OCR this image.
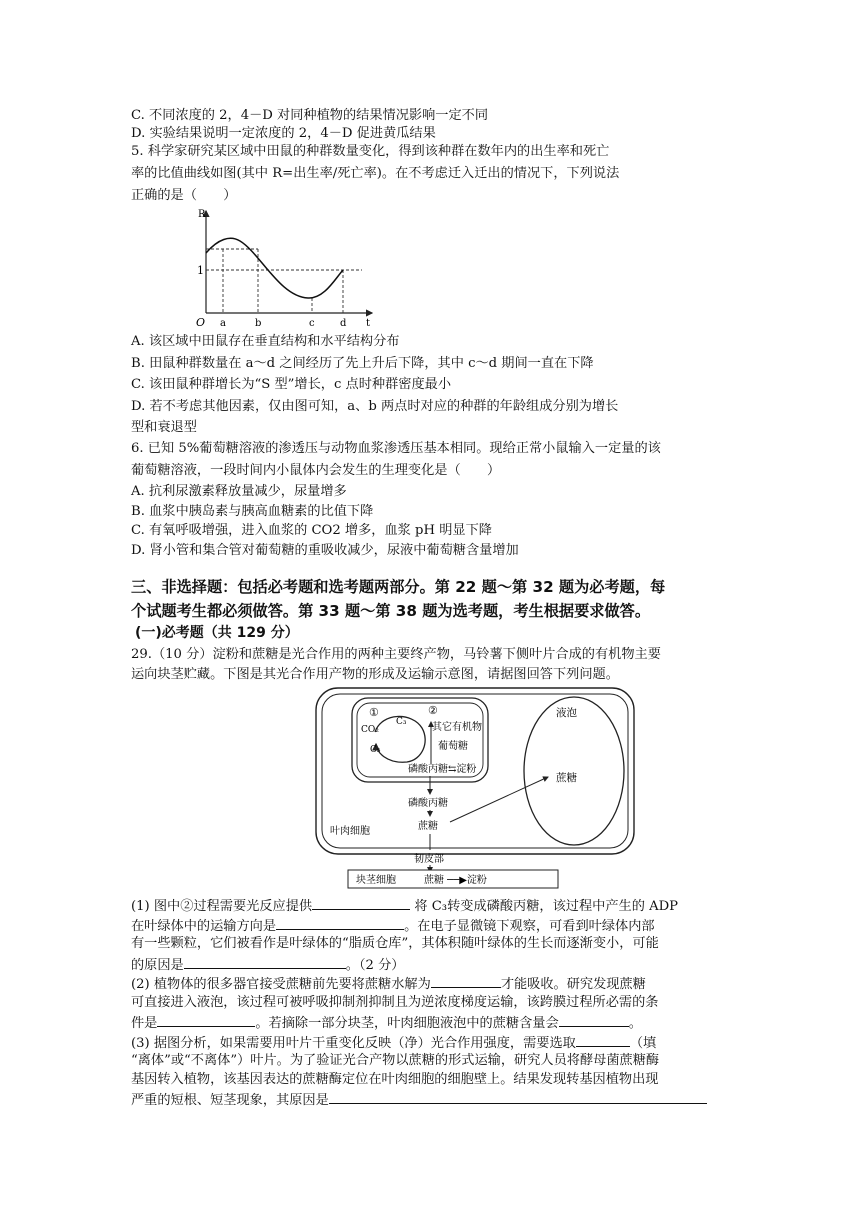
C. 不同浓度的 2，4－D 对同种植物的结果情况影响一定不同
D. 实验结果说明一定浓度的 2，4－D 促进黄瓜结果
5. 科学家研究某区域中田鼠的种群数量变化，得到该种群在数年内的出生率和死亡
率的比值曲线如图(其中 R=出生率/死亡率)。在不考虑迁入迁出的情况下，下列说法
正确的是（　　）
R
1
O a	b	c	d t
A. 该区域中田鼠存在垂直结构和水平结构分布
B. 田鼠种群数量在 a～d 之间经历了先上升后下降，其中 c～d 期间一直在下降
C. 该田鼠种群增长为“S 型”增长，c 点时种群密度最小
D. 若不考虑其他因素，仅由图可知，a、b 两点时对应的种群的年龄组成分别为增长
型和衰退型
6. 已知 5%葡萄糖溶液的渗透压与动物血浆渗透压基本相同。现给正常小鼠输入一定量的该
葡萄糖溶液，一段时间内小鼠体内会发生的生理变化是（　　）
A. 抗利尿激素释放量减少，尿量增多
B. 血浆中胰岛素与胰高血糖素的比值下降
C. 有氧呼吸增强，进入血浆的 CO2 增多，血浆 pH 明显下降
D. 肾小管和集合管对葡萄糖的重吸收减少，尿液中葡萄糖含量增加
三、非选择题：包括必考题和选考题两部分。第 22 题～第 32 题为必考题，每
个试题考生都必须做答。第 33 题～第 38 题为选考题，考生根据要求做答。
(一)必考题（共 129 分）
29.（10 分）淀粉和蔗糖是光合作用的两种主要终产物，马铃薯下侧叶片合成的有机物主要
运向块茎贮藏。下图是其光合作用产物的形成及运输示意图，请据图回答下列问题。
液泡
蔗糖
①
CO₂
C₃
C₅
②
其它有机物
葡萄糖
磷酸丙糖⇆淀粉
磷酸丙糖
蔗糖
叶肉细胞
韧皮部
块茎细胞	蔗糖 ──▶淀粉
(1) 图中②过程需要光反应提供	将 C₃转变成磷酸丙糖，该过程中产生的 ADP
在叶绿体中的运输方向是	。在电子显微镜下观察，可看到叶绿体内部
有一些颗粒，它们被看作是叶绿体的“脂质仓库”，其体积随叶绿体的生长而逐渐变小，可能
的原因是	。（2 分）
(2) 植物体的很多器官接受蔗糖前先要将蔗糖水解为	才能吸收。研究发现蔗糖
可直接进入液泡，该过程可被呼吸抑制剂抑制且为逆浓度梯度运输，该跨膜过程所必需的条
件是	。若摘除一部分块茎，叶肉细胞液泡中的蔗糖含量会	。
(3) 据图分析，如果需要用叶片干重变化反映（净）光合作用强度，需要选取	（填
“离体”或“不离体”）叶片。为了验证光合产物以蔗糖的形式运输，研究人员将酵母菌蔗糖酶
基因转入植物，该基因表达的蔗糖酶定位在叶肉细胞的细胞壁上。结果发现转基因植物出现
严重的短根、短茎现象，其原因是
